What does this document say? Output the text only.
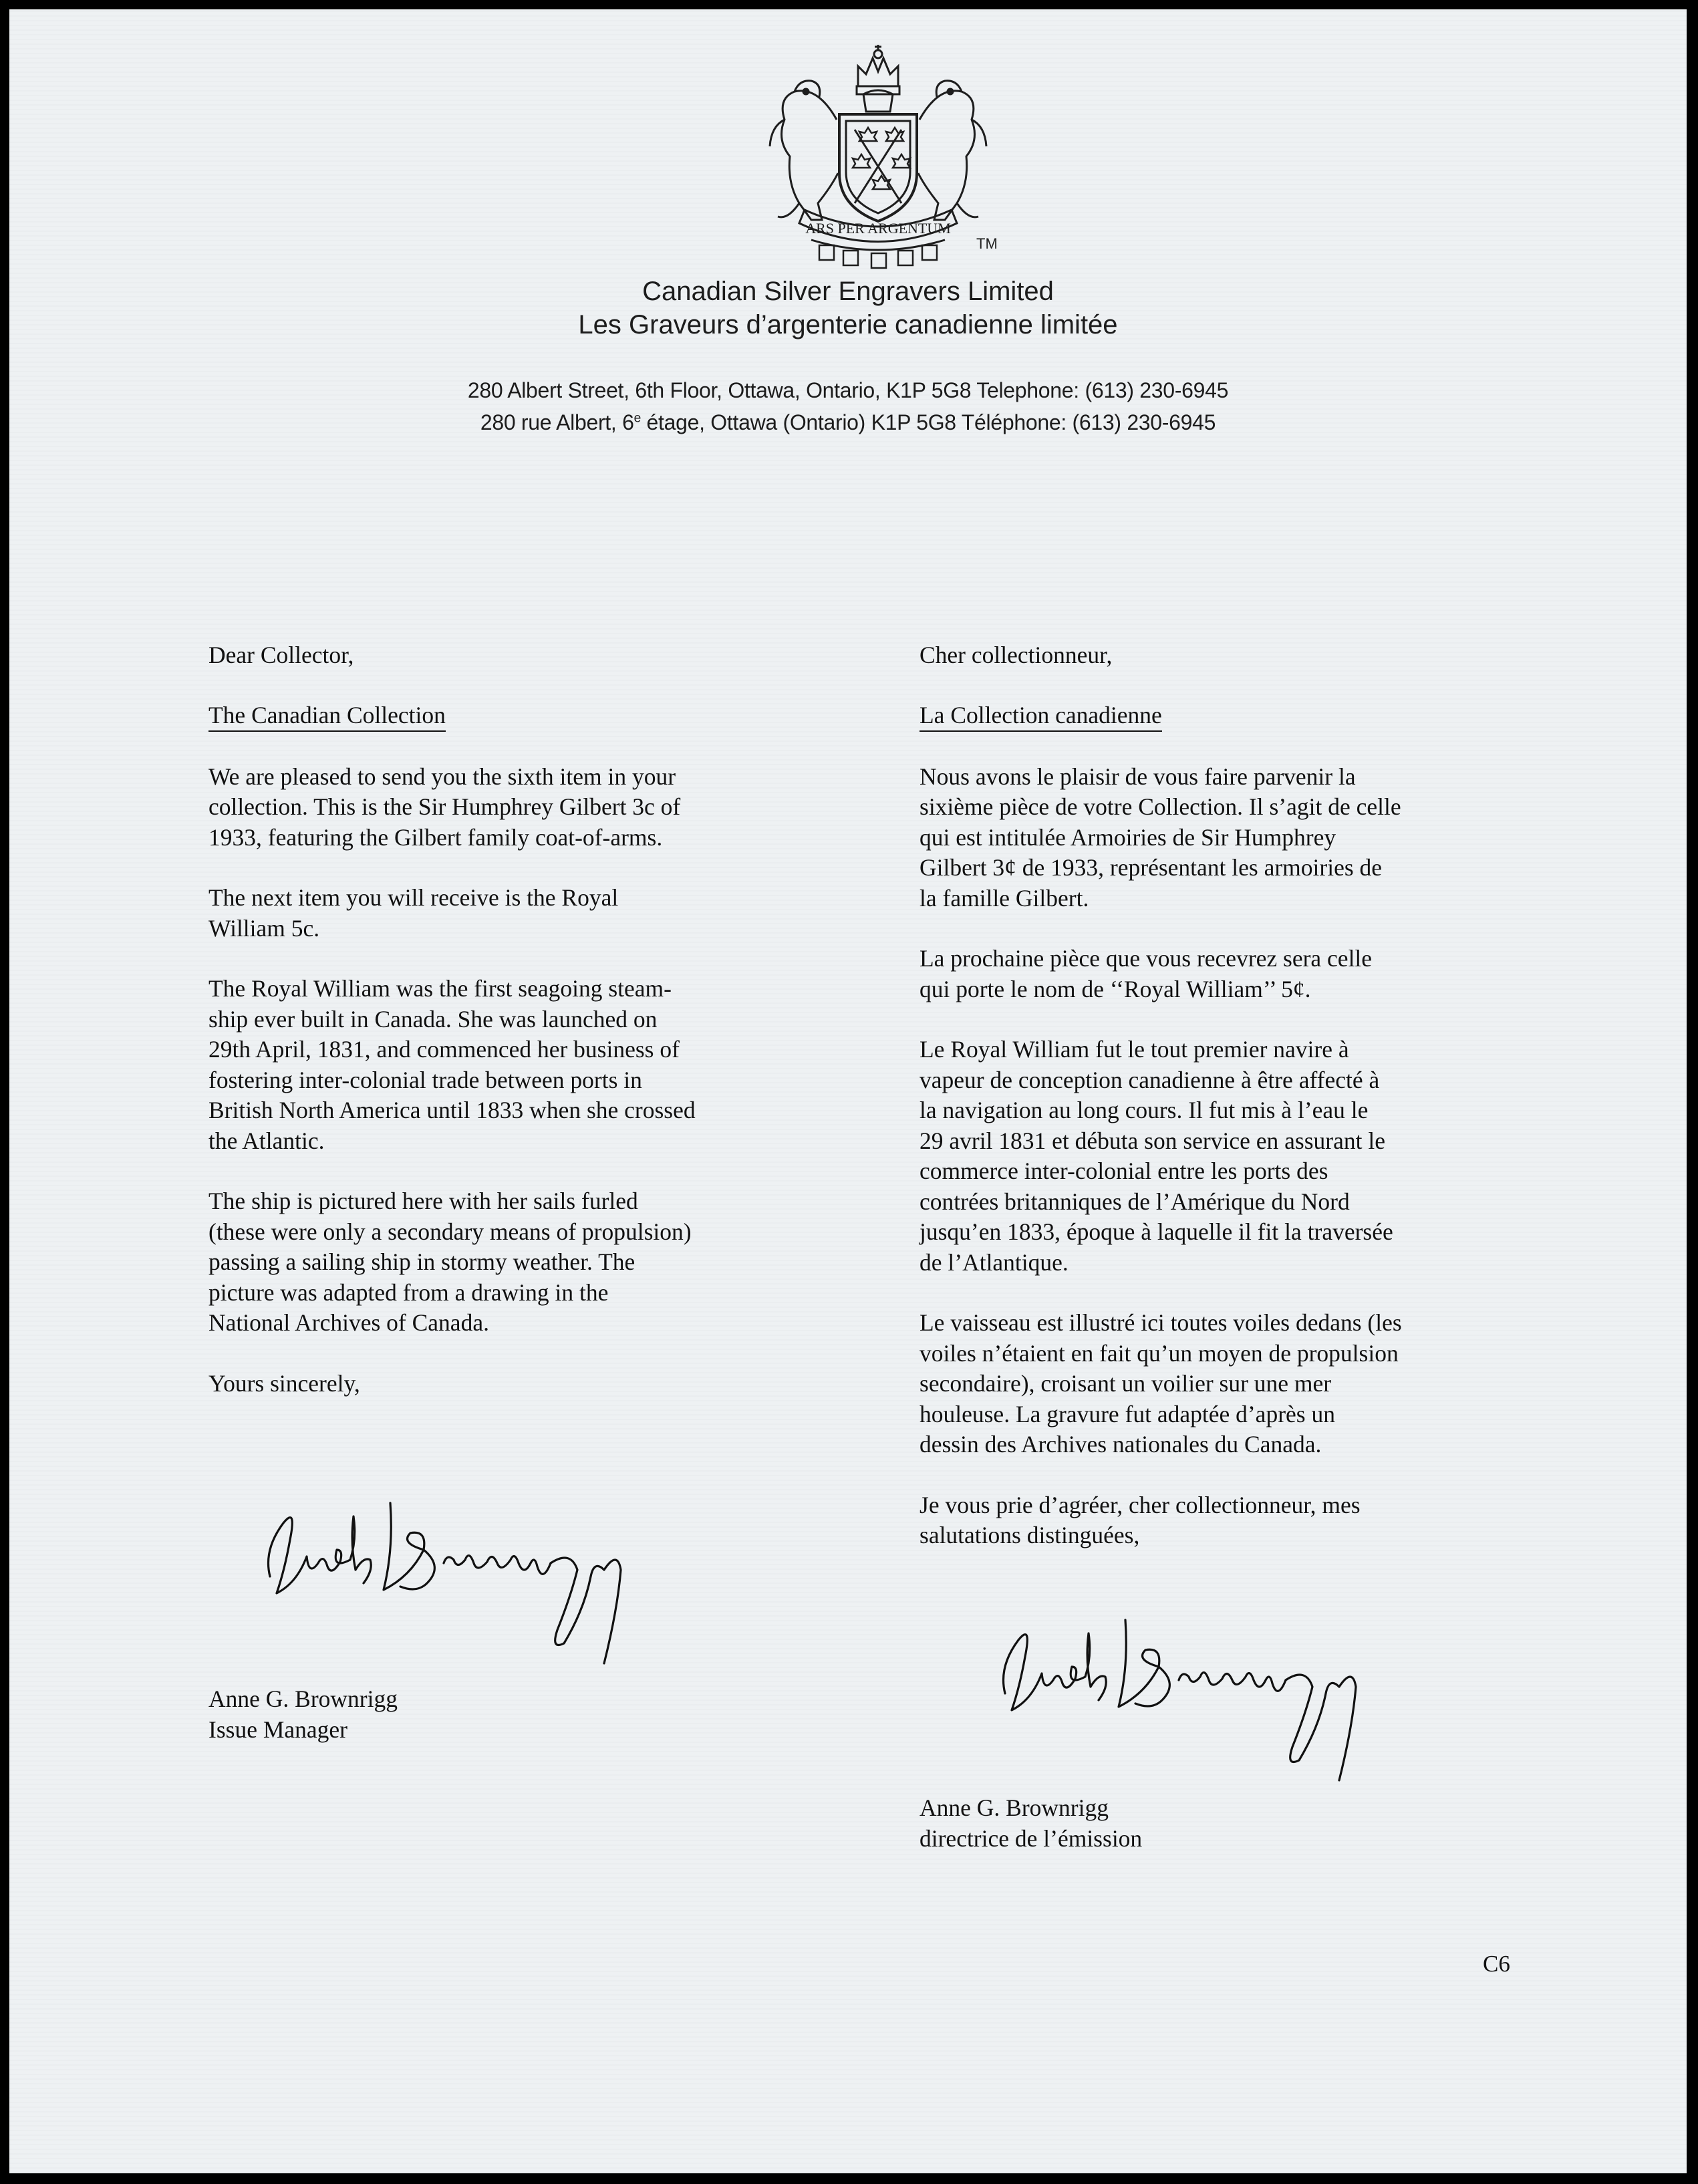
ARS PER ARGENTUM
TM
Canadian Silver Engravers Limited
Les Graveurs d’argenterie canadienne limitée
280 Albert Street, 6th Floor, Ottawa, Ontario, K1P 5G8 Telephone: (613) 230-6945
280 rue Albert, 6e étage, Ottawa (Ontario) K1P 5G8 Téléphone: (613) 230-6945

Dear Collector,

The Canadian Collection

We are pleased to send you the sixth item in your
collection. This is the Sir Humphrey Gilbert 3c of
1933, featuring the Gilbert family coat-of-arms.

The next item you will receive is the Royal
William 5c.

The Royal William was the first seagoing steam-
ship ever built in Canada. She was launched on
29th April, 1831, and commenced her business of
fostering inter-colonial trade between ports in
British North America until 1833 when she crossed
the Atlantic.

The ship is pictured here with her sails furled
(these were only a secondary means of propulsion)
passing a sailing ship in stormy weather. The
picture was adapted from a drawing in the
National Archives of Canada.

Yours sincerely,

Cher collectionneur,

La Collection canadienne

Nous avons le plaisir de vous faire parvenir la
sixième pièce de votre Collection. Il s’agit de celle
qui est intitulée Armoiries de Sir Humphrey
Gilbert 3¢ de 1933, représentant les armoiries de
la famille Gilbert.

La prochaine pièce que vous recevrez sera celle
qui porte le nom de ‘‘Royal William’’ 5¢.

Le Royal William fut le tout premier navire à
vapeur de conception canadienne à être affecté à
la navigation au long cours. Il fut mis à l’eau le
29 avril 1831 et débuta son service en assurant le
commerce inter-colonial entre les ports des
contrées britanniques de l’Amérique du Nord
jusqu’en 1833, époque à laquelle il fit la traversée
de l’Atlantique.

Le vaisseau est illustré ici toutes voiles dedans (les
voiles n’étaient en fait qu’un moyen de propulsion
secondaire), croisant un voilier sur une mer
houleuse. La gravure fut adaptée d’après un
dessin des Archives nationales du Canada.

Je vous prie d’agréer, cher collectionneur, mes
salutations distinguées,

Anne G. Brownrigg
Issue Manager
Anne G. Brownrigg
directrice de l’émission
C6
